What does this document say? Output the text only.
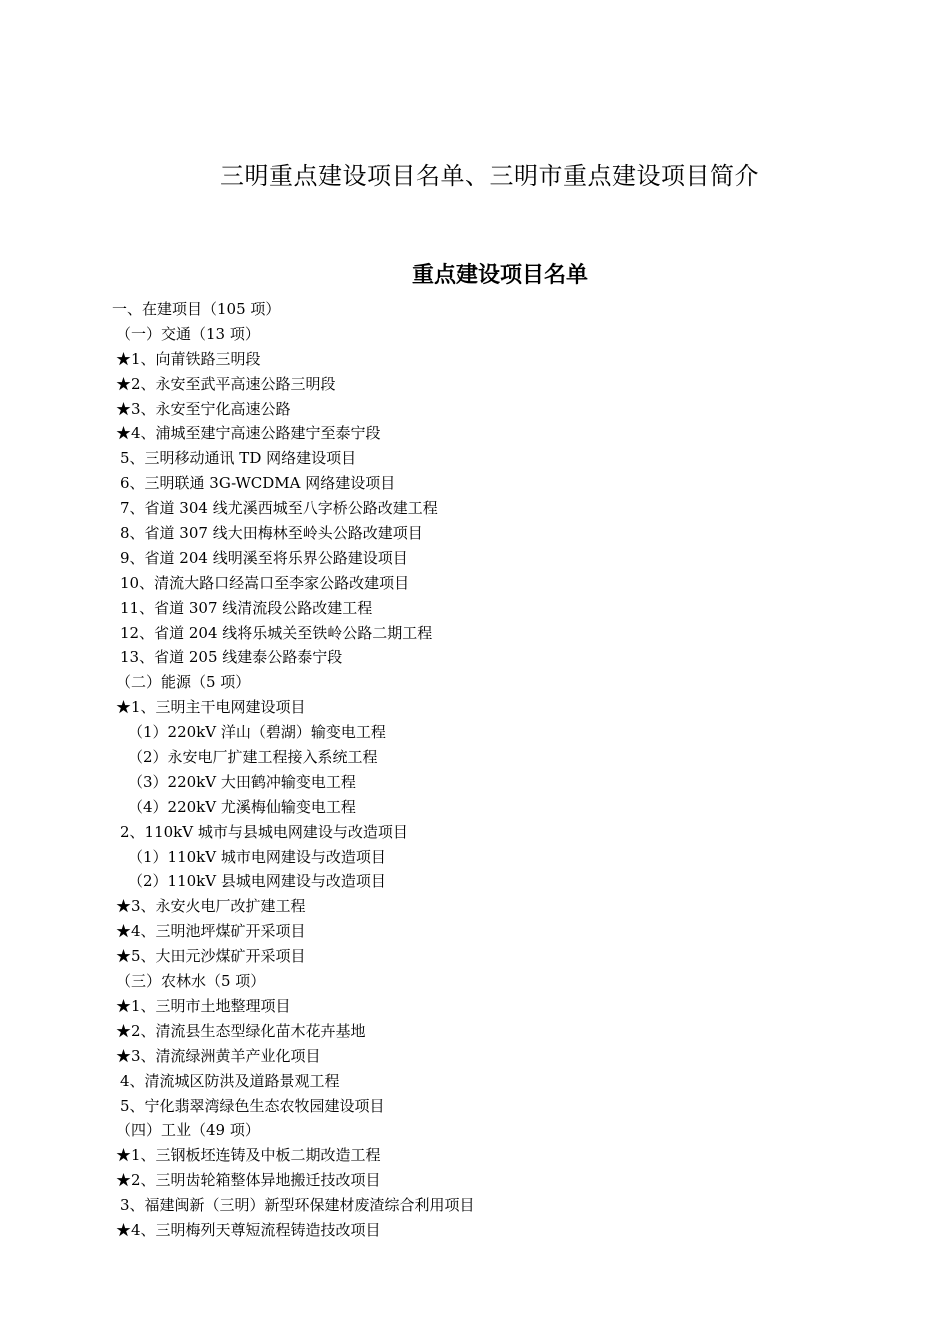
三明重点建设项目名单、三明市重点建设项目简介
重点建设项目名单
一、在建项目（105 项）
（一）交通（13 项）
★1、向莆铁路三明段
★2、永安至武平高速公路三明段
★3、永安至宁化高速公路
★4、浦城至建宁高速公路建宁至泰宁段
5、三明移动通讯 TD 网络建设项目
6、三明联通 3G-WCDMA 网络建设项目
7、省道 304 线尤溪西城至八字桥公路改建工程
8、省道 307 线大田梅林至岭头公路改建项目
9、省道 204 线明溪至将乐界公路建设项目
10、清流大路口经嵩口至李家公路改建项目
11、省道 307 线清流段公路改建工程
12、省道 204 线将乐城关至铁岭公路二期工程
13、省道 205 线建泰公路泰宁段
（二）能源（5 项）
★1、三明主干电网建设项目
（1）220kV 洋山（碧湖）输变电工程
（2）永安电厂扩建工程接入系统工程
（3）220kV 大田鹤冲输变电工程
（4）220kV 尤溪梅仙输变电工程
2、110kV 城市与县城电网建设与改造项目
（1）110kV 城市电网建设与改造项目
（2）110kV 县城电网建设与改造项目
★3、永安火电厂改扩建工程
★4、三明池坪煤矿开采项目
★5、大田元沙煤矿开采项目
（三）农林水（5 项）
★1、三明市土地整理项目
★2、清流县生态型绿化苗木花卉基地
★3、清流绿洲黄羊产业化项目
4、清流城区防洪及道路景观工程
5、宁化翡翠湾绿色生态农牧园建设项目
（四）工业（49 项）
★1、三钢板坯连铸及中板二期改造工程
★2、三明齿轮箱整体异地搬迁技改项目
3、福建闽新（三明）新型环保建材废渣综合利用项目
★4、三明梅列天尊短流程铸造技改项目
